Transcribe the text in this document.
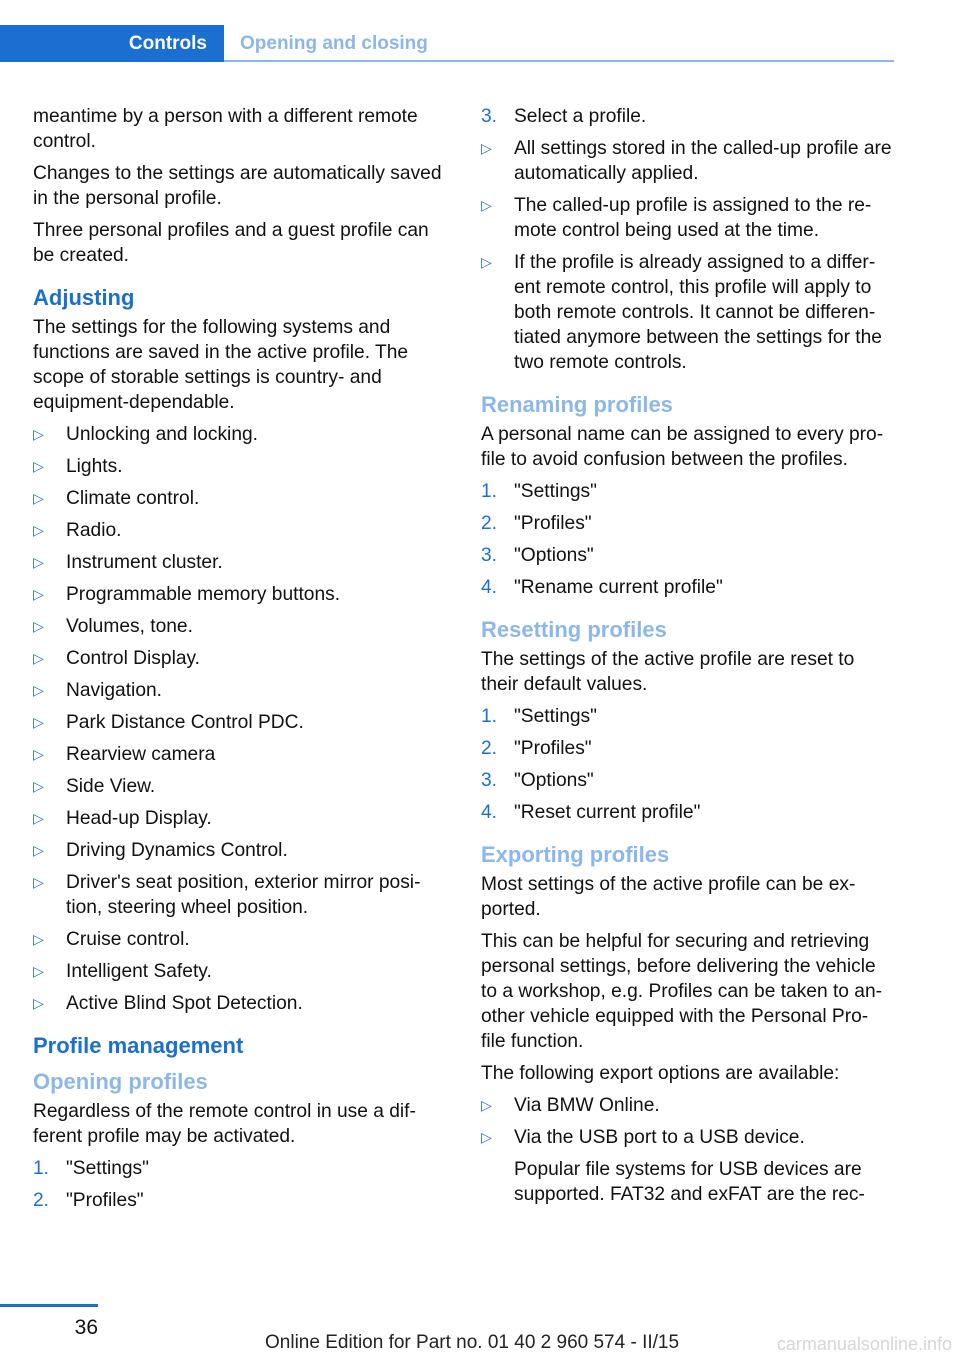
Controls	Opening and closing

meantime by a person with a different remote control.

Changes to the settings are automatically saved in the personal profile.

Three personal profiles and a guest profile can be created.

Adjusting

The settings for the following systems and functions are saved in the active profile. The scope of storable settings is country- and equipment-dependable.

▷ Unlocking and locking.
▷ Lights.
▷ Climate control.
▷ Radio.
▷ Instrument cluster.
▷ Programmable memory buttons.
▷ Volumes, tone.
▷ Control Display.
▷ Navigation.
▷ Park Distance Control PDC.
▷ Rearview camera
▷ Side View.
▷ Head-up Display.
▷ Driving Dynamics Control.
▷ Driver's seat position, exterior mirror posi- tion, steering wheel position.
▷ Cruise control.
▷ Intelligent Safety.
▷ Active Blind Spot Detection.
Profile management
Opening profiles

Regardless of the remote control in use a dif- ferent profile may be activated.

1. "Settings"
2. "Profiles"
3. Select a profile.
▷ All settings stored in the called-up profile are automatically applied.
▷ The called-up profile is assigned to the re- mote control being used at the time.
▷ If the profile is already assigned to a differ- ent remote control, this profile will apply to both remote controls. It cannot be differen- tiated anymore between the settings for the two remote controls.
Renaming profiles

A personal name can be assigned to every pro- file to avoid confusion between the profiles.

1. "Settings"
2. "Profiles"
3. "Options"
4. "Rename current profile"
Resetting profiles

The settings of the active profile are reset to their default values.

1. "Settings"
2. "Profiles"
3. "Options"
4. "Reset current profile"
Exporting profiles

Most settings of the active profile can be ex- ported.

This can be helpful for securing and retrieving personal settings, before delivering the vehicle to a workshop, e.g. Profiles can be taken to an- other vehicle equipped with the Personal Pro- file function.

The following export options are available:

▷ Via BMW Online.
▷ Via the USB port to a USB device.

Popular file systems for USB devices are supported. FAT32 and exFAT are the rec-

36
Online Edition for Part no. 01 40 2 960 574 - II/15	carmanualsonline.info
